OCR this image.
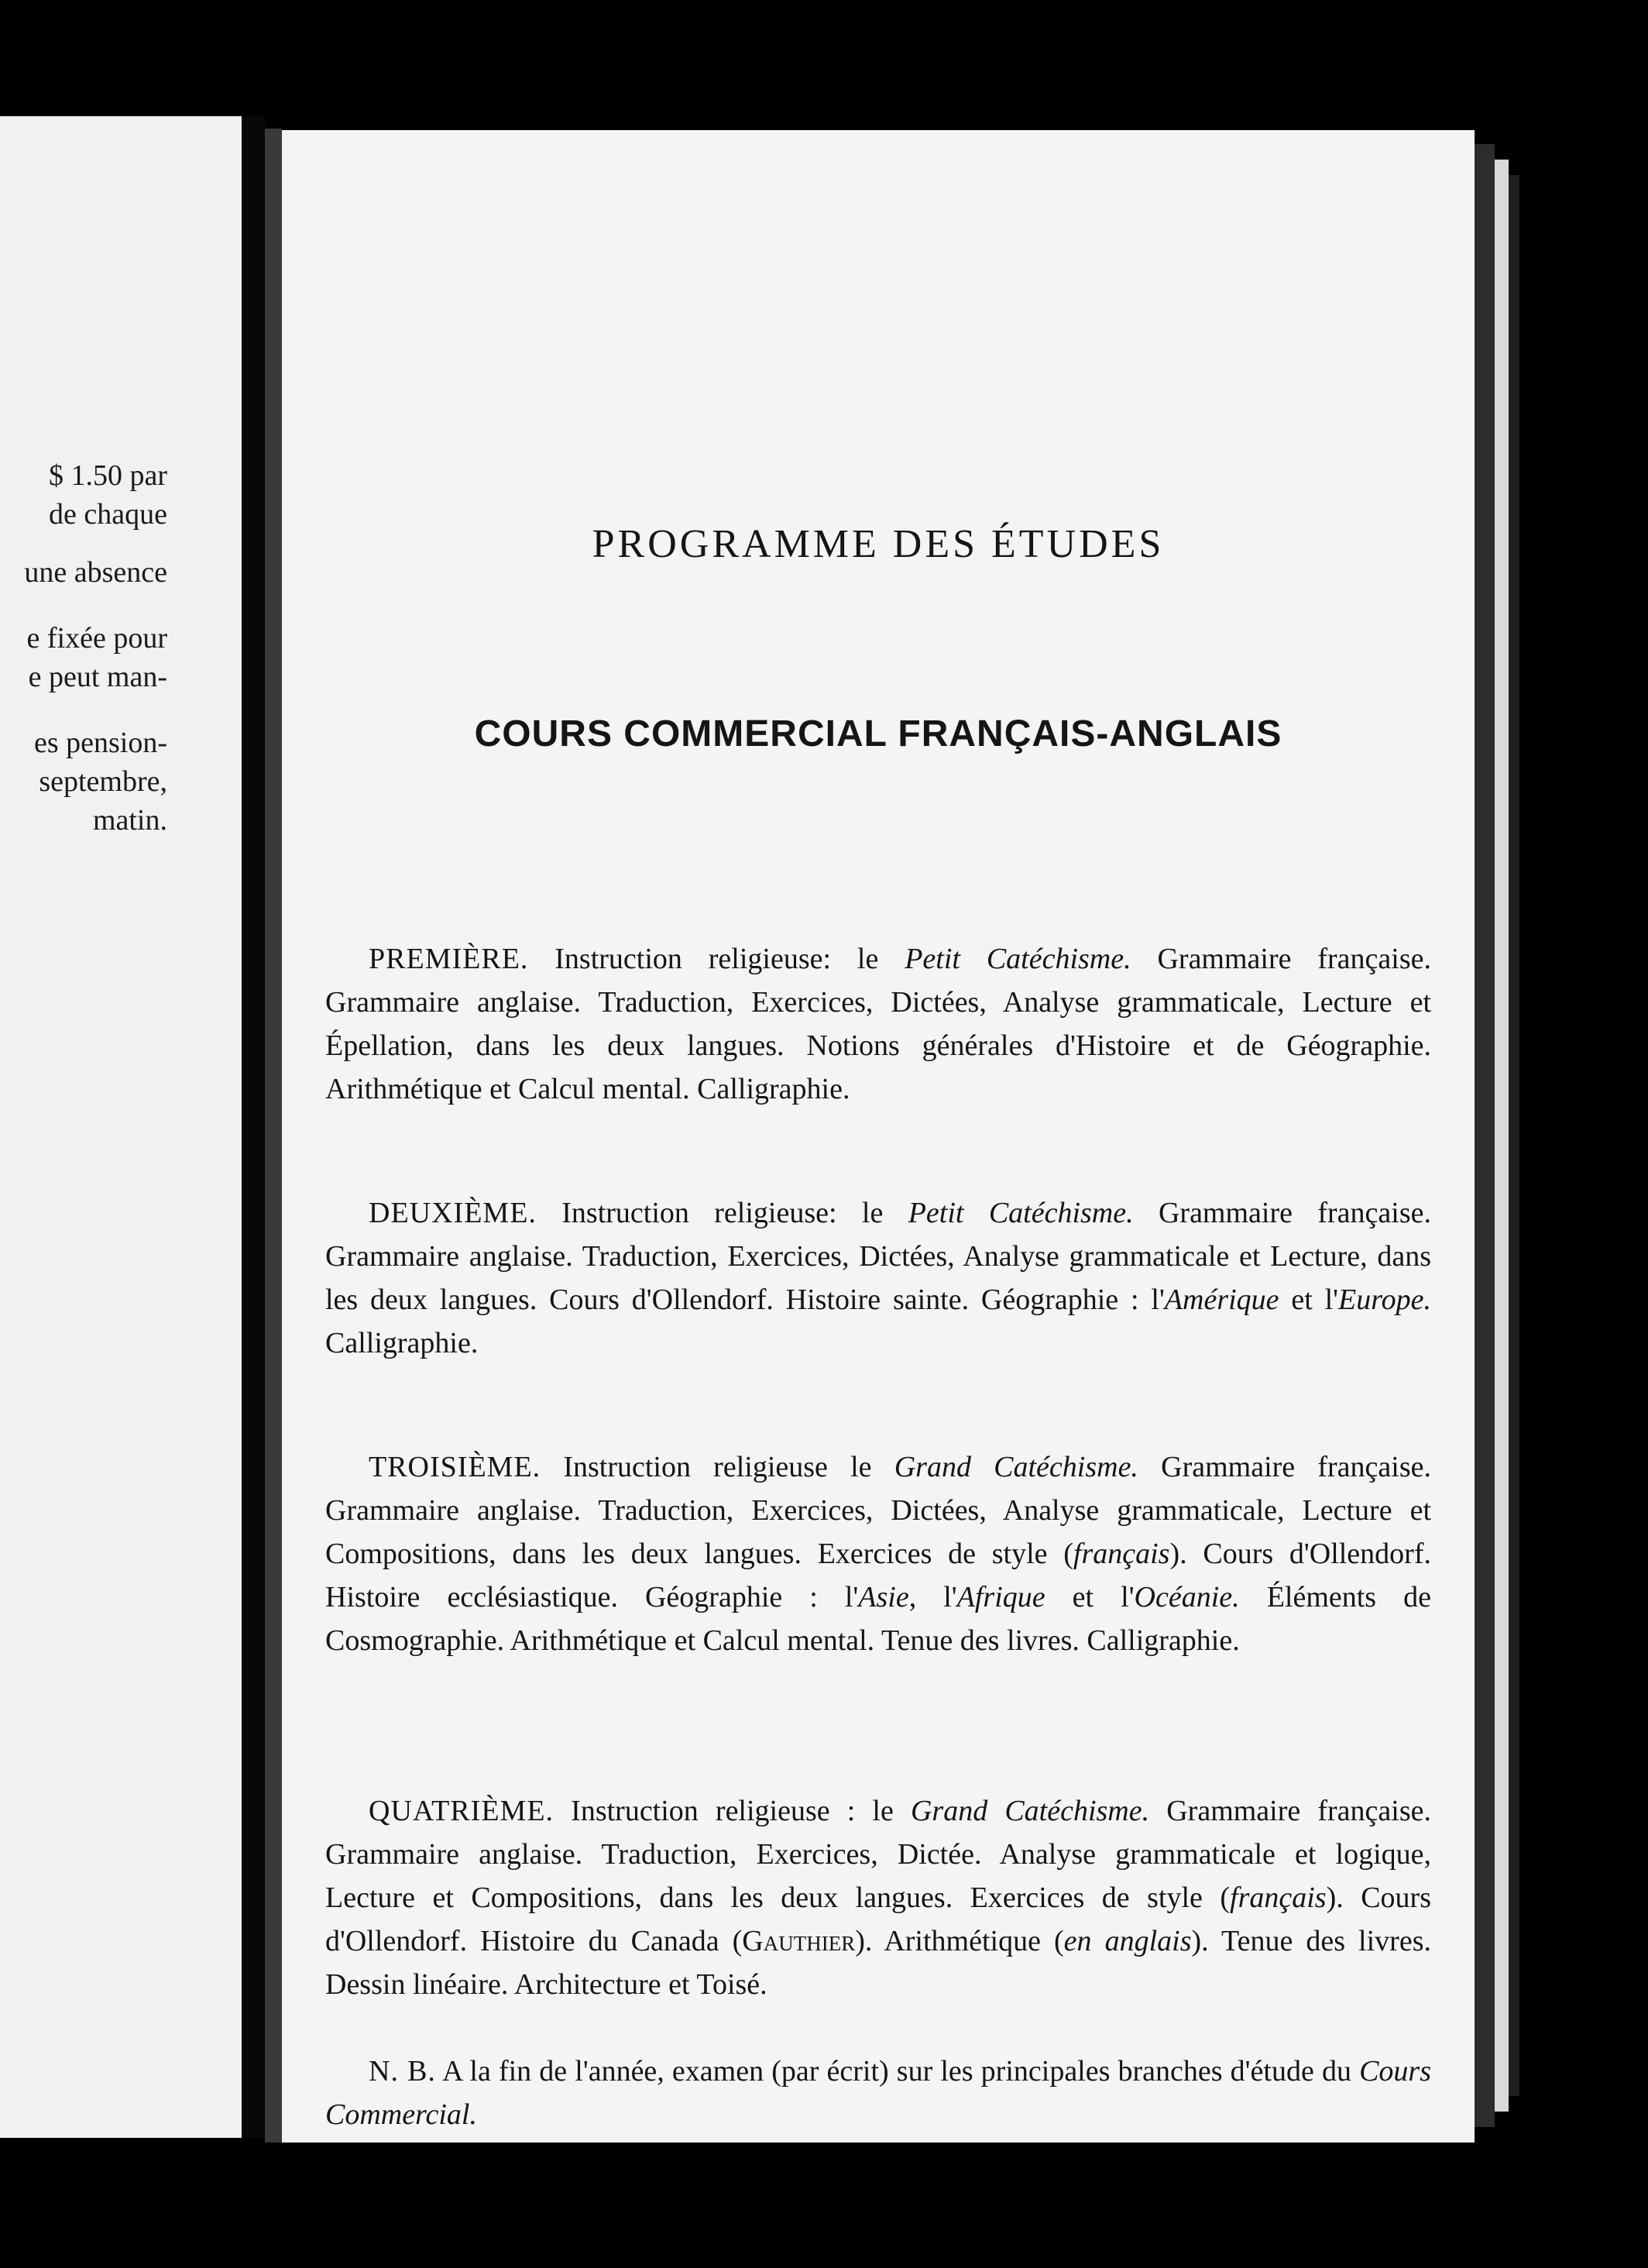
$ 1.50 par
de chaque
une absence
e fixée pour
e peut man-
es pension-
septembre,
matin.
PROGRAMME DES ÉTUDES
COURS COMMERCIAL FRANÇAIS-ANGLAIS

PREMIÈRE. Instruction religieuse: le Petit Catéchisme. Grammaire française. Grammaire anglaise. Traduction, Exercices, Dictées, Analyse grammaticale, Lecture et Épellation, dans les deux langues. Notions générales d'Histoire et de Géographie. Arithmétique et Calcul mental. Calligraphie.

DEUXIÈME. Instruction religieuse: le Petit Catéchisme. Grammaire française. Grammaire anglaise. Traduction, Exercices, Dictées, Analyse grammaticale et Lecture, dans les deux langues. Cours d'Ollendorf. Histoire sainte. Géographie : l'Amérique et l'Europe. Calligraphie.

TROISIÈME. Instruction religieuse le Grand Catéchisme. Grammaire française. Grammaire anglaise. Traduction, Exercices, Dictées, Analyse grammaticale, Lecture et Compositions, dans les deux langues. Exercices de style (français). Cours d'Ollendorf. Histoire ecclésiastique. Géographie : l'Asie, l'Afrique et l'Océanie. Éléments de Cosmographie. Arithmétique et Calcul mental. Tenue des livres. Calligraphie.

QUATRIÈME. Instruction religieuse : le Grand Catéchisme. Grammaire française. Grammaire anglaise. Traduction, Exercices, Dictée. Analyse grammaticale et logique, Lecture et Compositions, dans les deux langues. Exercices de style (français). Cours d'Ollendorf. Histoire du Canada (Gauthier). Arithmétique (en anglais). Tenue des livres. Dessin linéaire. Architecture et Toisé.

N. B. A la fin de l'année, examen (par écrit) sur les principales branches d'étude du Cours Commercial.
